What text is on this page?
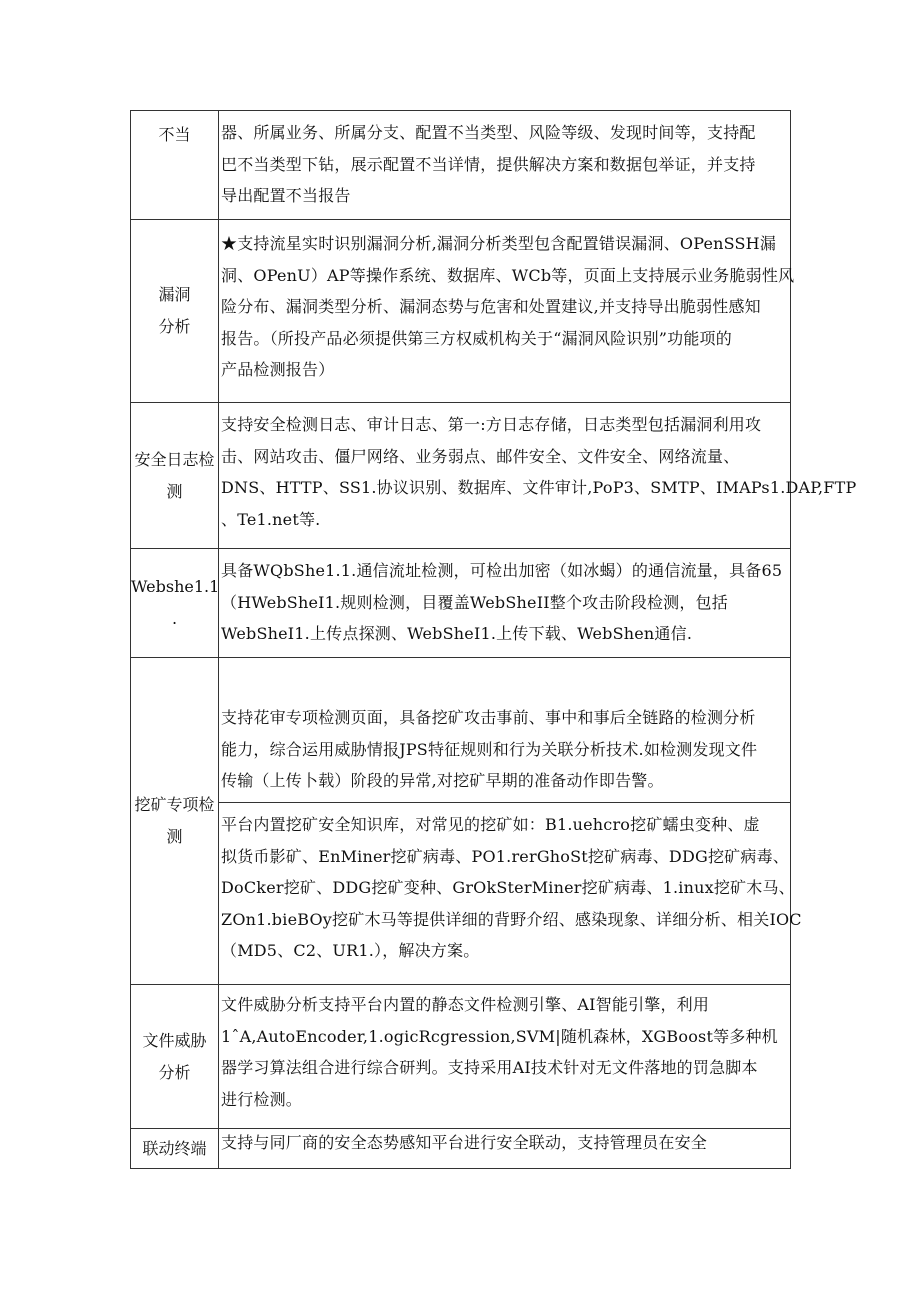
不当	器、所属业务、所属分支、配置不当类型、风险等级、发现时间等，支持配
巴不当类型下钻，展示配置不当详情，提供解决方案和数据包举证，并支持
导出配置不当报告

漏洞
分析	★支持流星实时识别漏洞分析,漏洞分析类型包含配置错误漏洞、OPenSSH漏
洞、OPenU）AP等操作系统、数据库、WCb等，页面上支持展示业务脆弱性风
险分布、漏洞类型分析、漏洞态势与危害和处置建议,并支持导出脆弱性感知
报告。（所投产品必须提供第三方权威机构关于“漏洞风险识别”功能项的
产品检测报告）

安全日志检
测	支持安全检测日志、审计日志、第一:方日志存储，日志类型包括漏洞利用攻
击、网站攻击、僵尸网络、业务弱点、邮件安全、文件安全、网络流量、
DNS、HTTP、SS1.协议识别、数据库、文件审计,PoP3、SMTP、IMAPs1.DAP,FTP
、Te1.net等.

Webshe1.1
.	具备WQbShe1.1.通信流址检测，可检出加密（如冰蝎）的通信流量，具备65
（HWebSheI1.规则检测，目覆盖WebSheII整个攻击阶段检测，包括
WebSheI1.上传点探测、WebSheI1.上传下载、WebShen通信.

挖矿专项检
测	支持花审专项检测页面，具备挖矿攻击事前、事中和事后全链路的检测分析
能力，综合运用威胁情报JPS特征规则和行为关联分析技术.如检测发现文件
传输（上传卜载）阶段的异常,对挖矿早期的准备动作即告警。

	平台内置挖矿安全知识库，对常见的挖矿如：B1.uehcro挖矿蠕虫变种、虚
拟货币影矿、EnMiner挖矿病毒、PO1.rerGhoSt挖矿病毒、DDG挖矿病毒、
DoCker挖矿、DDG挖矿变种、GrOkSterMiner挖矿病毒、1.inux挖矿木马、
ZOn1.bieBOy挖矿木马等提供详细的背野介绍、感染现象、详细分析、相关IOC
（MD5、C2、UR1.），解决方案。

文件威胁
分析	文件威胁分析支持平台内置的静态文件检测引擎、AI智能引擎，利用
1ˆA,AutoEncoder,1.ogicRcgression,SVM|随机森林，XGBoost等多种机
器学习算法组合进行综合研判。支持采用AI技术针对无文件落地的罚急脚本
进行检测。

联动终端	支持与同厂商的安全态势感知平台进行安全联动，支持管理员在安全
